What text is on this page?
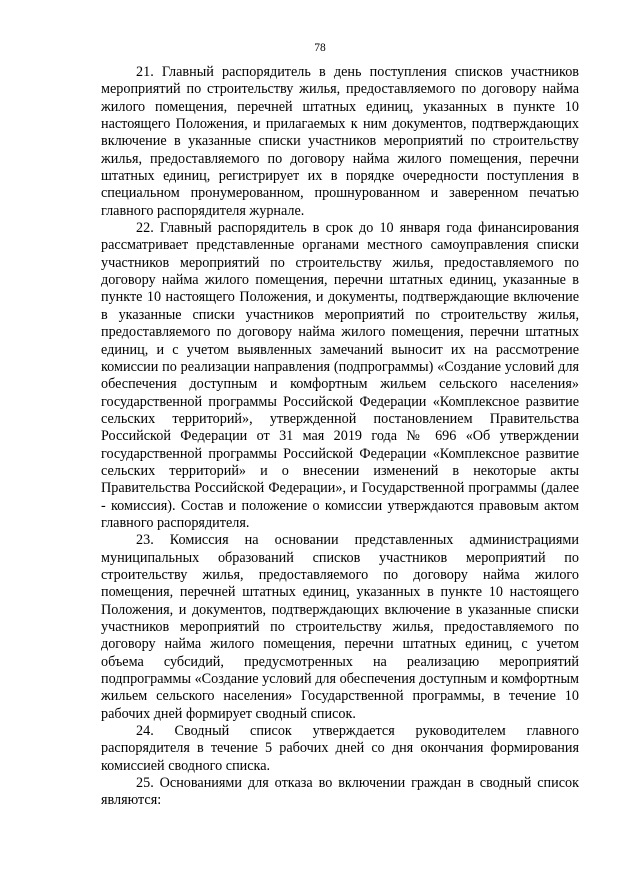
78

21. Главный распорядитель в день поступления списков участников мероприятий по строительству жилья, предоставляемого по договору найма жилого помещения, перечней штатных единиц, указанных в пункте 10 настоящего Положения, и прилагаемых к ним документов, подтверждающих включение в указанные списки участников мероприятий по строительству жилья, предоставляемого по договору найма жилого помещения, перечни штатных единиц, регистрирует их в порядке очередности поступления в специальном пронумерованном, прошнурованном и заверенном печатью главного распорядителя журнале.

22. Главный распорядитель в срок до 10 января года финансирования рассматривает представленные органами местного самоуправления списки участников мероприятий по строительству жилья, предоставляемого по договору найма жилого помещения, перечни штатных единиц, указанные в пункте 10 настоящего Положения, и документы, подтверждающие включение в указанные списки участников мероприятий по строительству жилья, предоставляемого по договору найма жилого помещения, перечни штатных единиц, и с учетом выявленных замечаний выносит их на рассмотрение комиссии по реализации направления (подпрограммы) «Создание условий для обеспечения доступным и комфортным жильем сельского населения» государственной программы Российской Федерации «Комплексное развитие сельских территорий», утвержденной постановлением Правительства Российской Федерации от 31 мая 2019 года № 696 «Об утверждении государственной программы Российской Федерации «Комплексное развитие сельских территорий» и о внесении изменений в некоторые акты Правительства Российской Федерации», и Государственной программы (далее - комиссия). Состав и положение о комиссии утверждаются правовым актом главного распорядителя.

23. Комиссия на основании представленных администрациями муниципальных образований списков участников мероприятий по строительству жилья, предоставляемого по договору найма жилого помещения, перечней штатных единиц, указанных в пункте 10 настоящего Положения, и документов, подтверждающих включение в указанные списки участников мероприятий по строительству жилья, предоставляемого по договору найма жилого помещения, перечни штатных единиц, с учетом объема субсидий, предусмотренных на реализацию мероприятий подпрограммы «Создание условий для обеспечения доступным и комфортным жильем сельского населения» Государственной программы, в течение 10 рабочих дней формирует сводный список.

24. Сводный список утверждается руководителем главного распорядителя в течение 5 рабочих дней со дня окончания формирования комиссией сводного списка.

25. Основаниями для отказа во включении граждан в сводный список являются:
